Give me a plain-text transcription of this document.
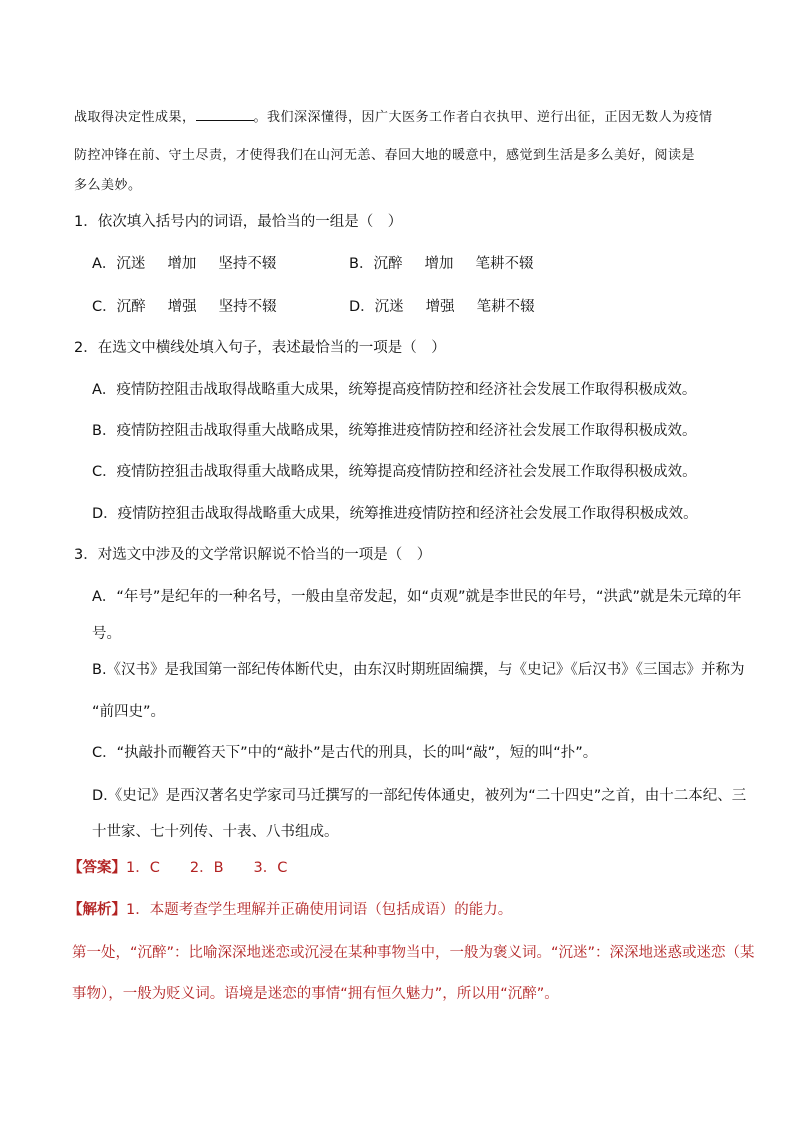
战取得决定性成果，	。我们深深懂得，因广大医务工作者白衣执甲、逆行出征，正因无数人为疫情
防控冲锋在前、守土尽责，才使得我们在山河无恙、春回大地的暖意中，感觉到生活是多么美好，阅读是
多么美妙。
1．依次填入括号内的词语，最恰当的一组是（　）
A．沉迷 增加 坚持不辍	B．沉醉 增加 笔耕不辍
C．沉醉 增强 坚持不辍	D．沉迷 增强 笔耕不辍
2．在选文中横线处填入句子，表述最恰当的一项是（　）
A．疫情防控阻击战取得战略重大成果，统筹提高疫情防控和经济社会发展工作取得积极成效。
B．疫情防控阻击战取得重大战略成果，统筹推进疫情防控和经济社会发展工作取得积极成效。
C．疫情防控狙击战取得重大战略成果，统筹提高疫情防控和经济社会发展工作取得积极成效。
D．疫情防控狙击战取得战略重大成果，统筹推进疫情防控和经济社会发展工作取得积极成效。
3．对选文中涉及的文学常识解说不恰当的一项是（　）
A．“年号”是纪年的一种名号，一般由皇帝发起，如“贞观”就是李世民的年号，“洪武”就是朱元璋的年
号。
B.《汉书》是我国第一部纪传体断代史，由东汉时期班固编撰，与《史记》《后汉书》《三国志》并称为
“前四史”。
C．“执敲扑而鞭笞天下”中的“敲扑”是古代的刑具，长的叫“敲”，短的叫“扑”。
D.《史记》是西汉著名史学家司马迁撰写的一部纪传体通史，被列为“二十四史”之首，由十二本纪、三
十世家、七十列传、十表、八书组成。
【答案】1．C 2．B 3．C
【解析】1．本题考查学生理解并正确使用词语（包括成语）的能力。
第一处，“沉醉”：比喻深深地迷恋或沉浸在某种事物当中，一般为褒义词。“沉迷”：深深地迷惑或迷恋（某
事物），一般为贬义词。语境是迷恋的事情“拥有恒久魅力”，所以用“沉醉”。
